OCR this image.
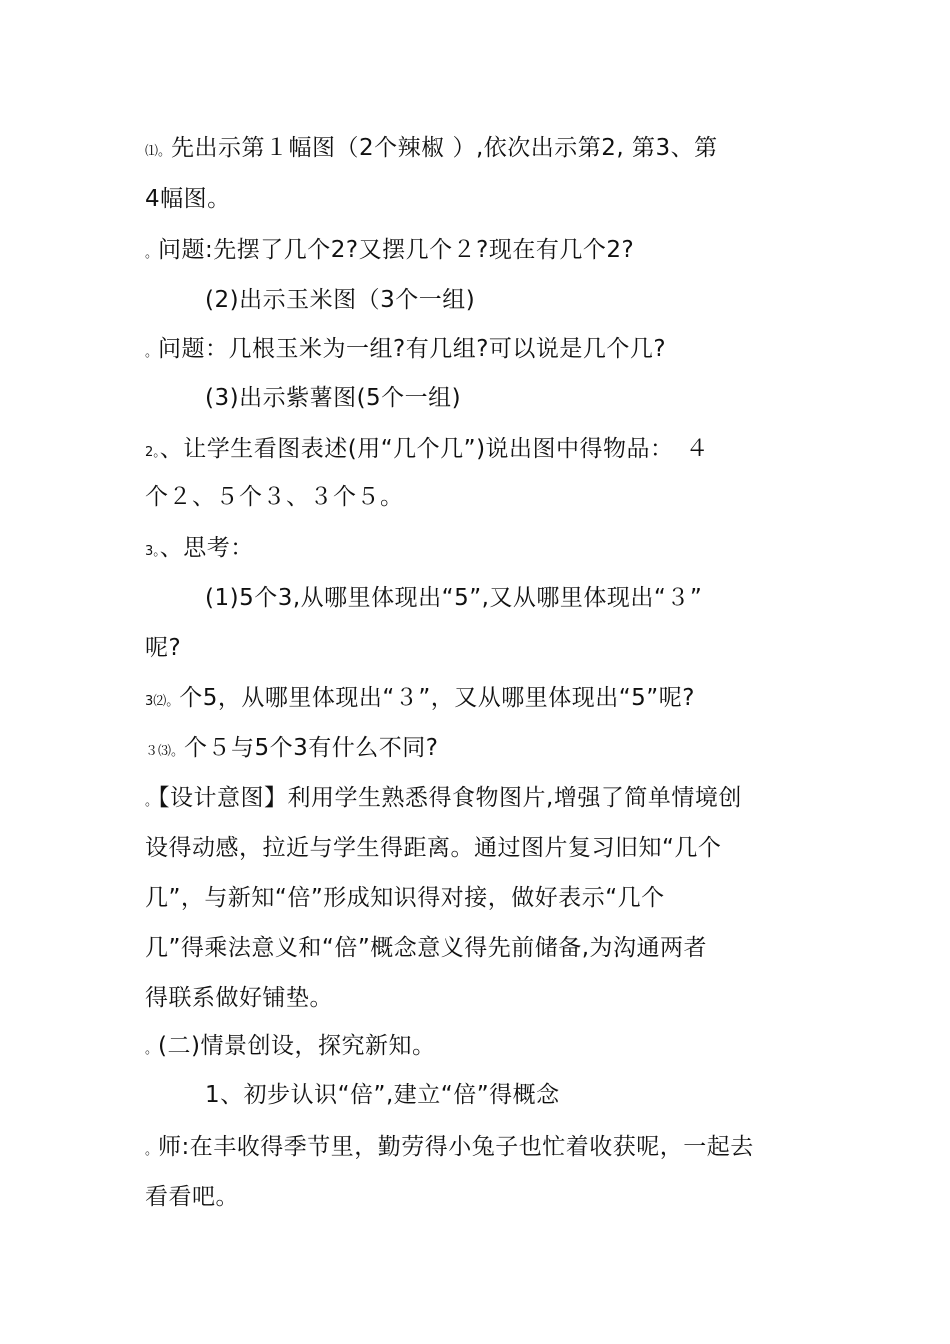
⑴。先出示第１幅图（2个辣椒 ）,依次出示第2, 第3、第
4幅图。
。问题:先摆了几个2?又摆几个２?现在有几个2?
(2)出示玉米图（3个一组)
。问题：几根玉米为一组?有几组?可以说是几个几?
(3)出示紫薯图(5个一组)
2。、让学生看图表述(用“几个几”)说出图中得物品：　４
个２、５个３、３个５。
3。、思考：
(1)5个3,从哪里体现出“5”,又从哪里体现出“３”
呢?
3⑵。个5，从哪里体现出“３”，又从哪里体现出“5”呢?
３⑶。个５与5个3有什么不同?
。【设计意图】利用学生熟悉得食物图片,增强了简单情境创
设得动感，拉近与学生得距离。通过图片复习旧知“几个
几”，与新知“倍”形成知识得对接，做好表示“几个
几”得乘法意义和“倍”概念意义得先前储备,为沟通两者
得联系做好铺垫。
。(二)情景创设，探究新知。
1、初步认识“倍”,建立“倍”得概念
。师:在丰收得季节里，勤劳得小兔子也忙着收获呢，一起去
看看吧。
